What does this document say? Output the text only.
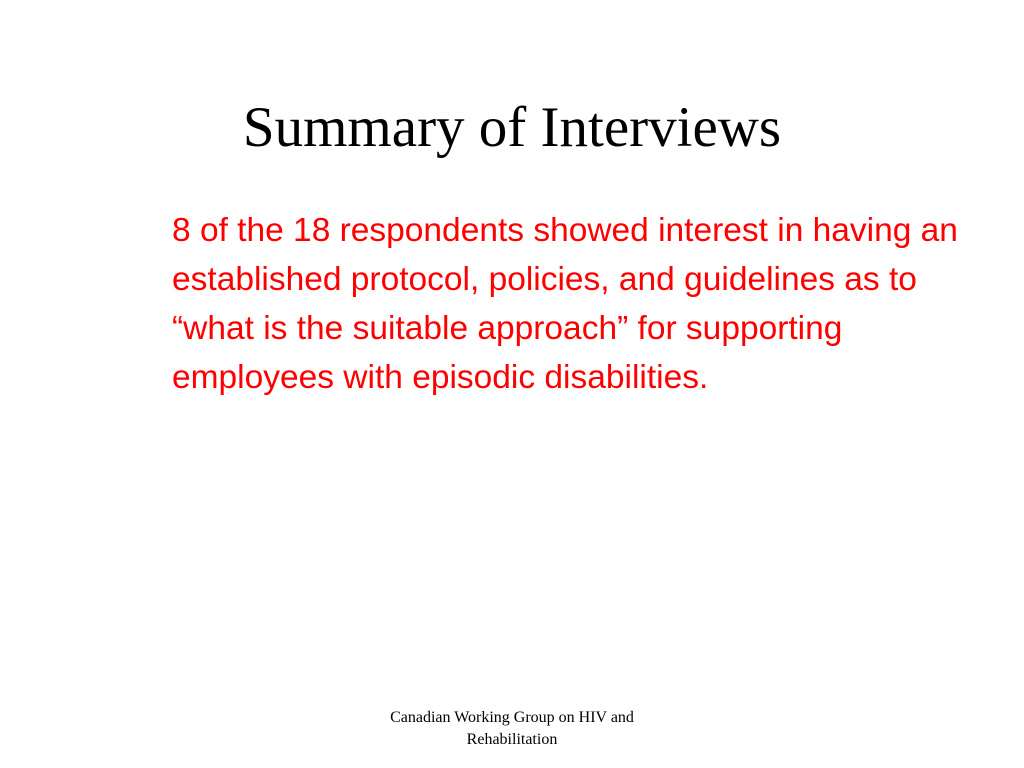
Summary of Interviews

8 of the 18 respondents showed interest in having an established protocol, policies, and guidelines as to “what is the suitable approach” for supporting employees with episodic disabilities.

Canadian Working Group on HIV and
Rehabilitation
